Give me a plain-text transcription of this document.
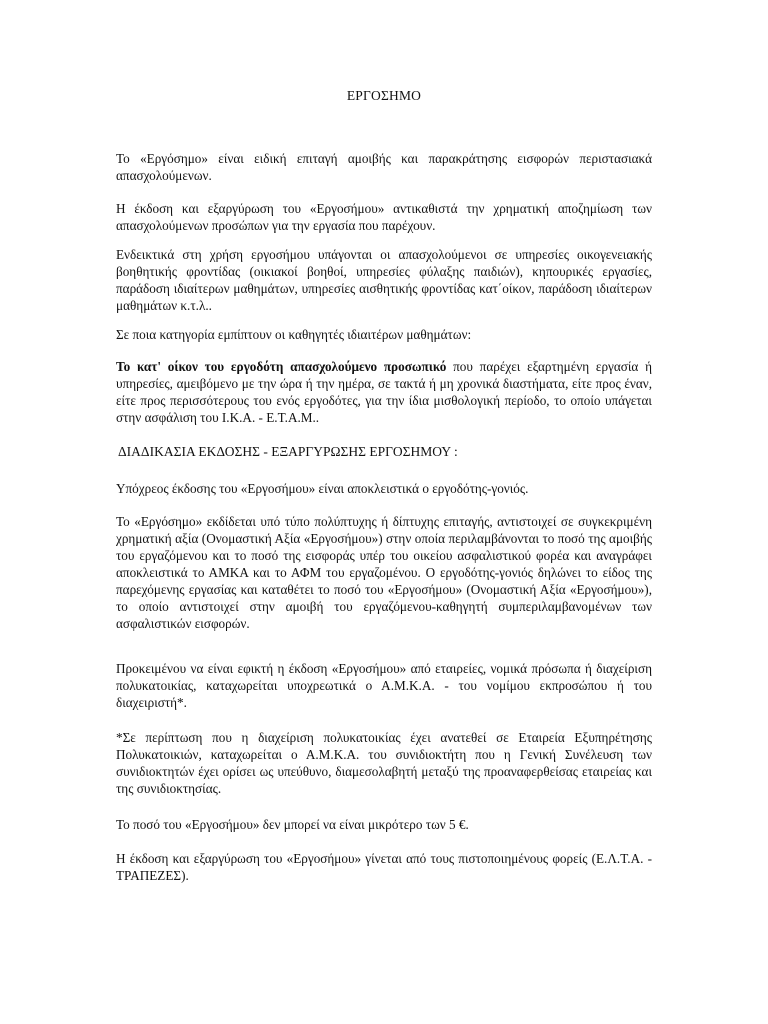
ΕΡΓΟΣΗΜΟ

Το «Εργόσημο» είναι ειδική επιταγή αμοιβής και παρακράτησης εισφορών περιστασιακά απασχολούμενων.

Η έκδοση και εξαργύρωση του «Εργοσήμου» αντικαθιστά την χρηματική αποζημίωση των απασχολούμενων προσώπων για την εργασία που παρέχουν.

Ενδεικτικά στη χρήση εργοσήμου υπάγονται οι απασχολούμενοι σε υπηρεσίες οικογενειακής βοηθητικής φροντίδας (οικιακοί βοηθοί, υπηρεσίες φύλαξης παιδιών), κηπουρικές εργασίες, παράδοση ιδιαίτερων μαθημάτων, υπηρεσίες αισθητικής φροντίδας κατ΄οίκον, παράδοση ιδιαίτερων μαθημάτων κ.τ.λ..

Σε ποια κατηγορία εμπίπτουν οι καθηγητές ιδιαιτέρων μαθημάτων:

Το κατ' οίκον του εργοδότη απασχολούμενο προσωπικό που παρέχει εξαρτημένη εργασία ή υπηρεσίες, αμειβόμενο με την ώρα ή την ημέρα, σε τακτά ή μη χρονικά διαστήματα, είτε προς έναν, είτε προς περισσότερους του ενός εργοδότες, για την ίδια μισθολογική περίοδο, το οποίο υπάγεται στην ασφάλιση του Ι.Κ.Α. - Ε.Τ.Α.Μ..

ΔΙΑΔΙΚΑΣΙΑ ΕΚΔΟΣΗΣ - ΕΞΑΡΓΥΡΩΣΗΣ ΕΡΓΟΣΗΜΟΥ :

Υπόχρεος έκδοσης του «Εργοσήμου» είναι αποκλειστικά ο εργοδότης-γονιός.

Το «Εργόσημο» εκδίδεται υπό τύπο πολύπτυχης ή δίπτυχης επιταγής, αντιστοιχεί σε συγκεκριμένη χρηματική αξία (Ονομαστική Αξία «Εργοσήμου») στην οποία περιλαμβάνονται το ποσό της αμοιβής του εργαζόμενου και το ποσό της εισφοράς υπέρ του οικείου ασφαλιστικού φορέα και αναγράφει αποκλειστικά το ΑΜΚΑ και το ΑΦΜ του εργαζομένου. Ο εργοδότης-γονιός δηλώνει το είδος της παρεχόμενης εργασίας και καταθέτει το ποσό του «Εργοσήμου» (Ονομαστική Αξία «Εργοσήμου»), το οποίο αντιστοιχεί στην αμοιβή του εργαζόμενου-καθηγητή συμπεριλαμβανομένων των ασφαλιστικών εισφορών.

Προκειμένου να είναι εφικτή η έκδοση «Εργοσήμου» από εταιρείες, νομικά πρόσωπα ή διαχείριση πολυκατοικίας, καταχωρείται υποχρεωτικά ο Α.Μ.Κ.Α. - του νομίμου εκπροσώπου ή του διαχειριστή*.

*Σε περίπτωση που η διαχείριση πολυκατοικίας έχει ανατεθεί σε Εταιρεία Εξυπηρέτησης Πολυκατοικιών, καταχωρείται ο Α.Μ.Κ.Α. του συνιδιοκτήτη που η Γενική Συνέλευση των συνιδιοκτητών έχει ορίσει ως υπεύθυνο, διαμεσολαβητή μεταξύ της προαναφερθείσας εταιρείας και της συνιδιοκτησίας.

Το ποσό του «Εργοσήμου» δεν μπορεί να είναι μικρότερο των 5 €.

Η έκδοση και εξαργύρωση του «Εργοσήμου» γίνεται από τους πιστοποιημένους φορείς (Ε.Λ.Τ.Α. - ΤΡΑΠΕΖΕΣ).
